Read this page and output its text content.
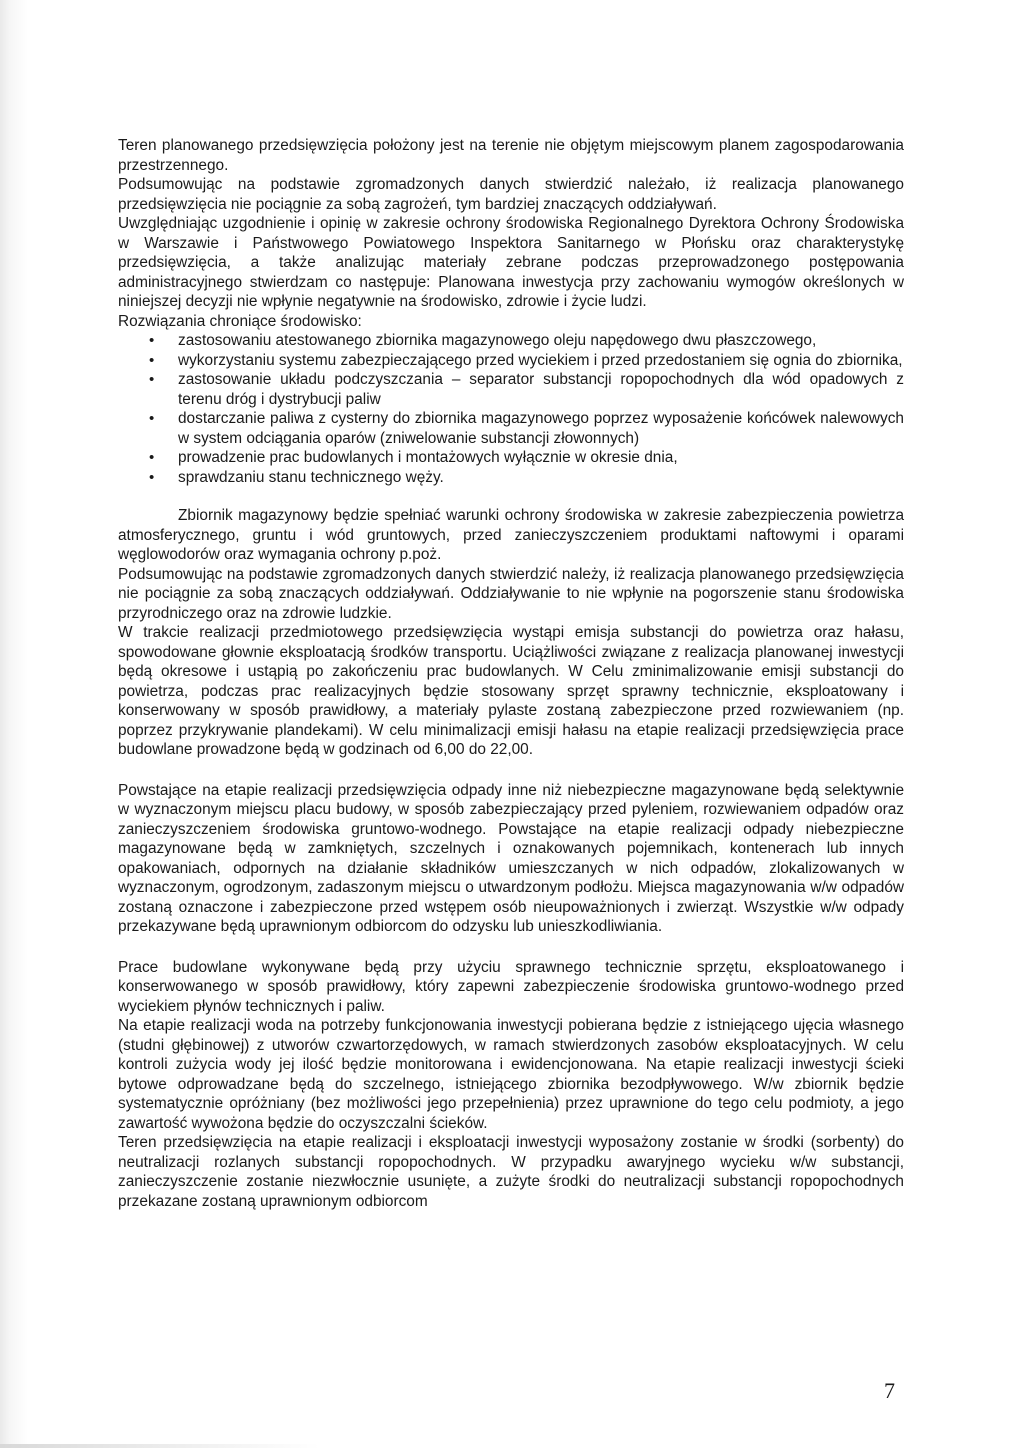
Teren planowanego przedsięwzięcia położony jest na terenie nie objętym miejscowym planem zagospodarowania przestrzennego.

Podsumowując na podstawie zgromadzonych danych stwierdzić należało, iż realizacja planowanego przedsięwzięcia nie pociągnie za sobą zagrożeń, tym bardziej znaczących oddziaływań.

Uwzględniając uzgodnienie i opinię w zakresie ochrony środowiska Regionalnego Dyrektora Ochrony Środowiska w Warszawie i Państwowego Powiatowego Inspektora Sanitarnego w Płońsku oraz charakterystykę przedsięwzięcia, a także analizując materiały zebrane podczas przeprowadzonego postępowania administracyjnego stwierdzam co następuje: Planowana inwestycja przy zachowaniu wymogów określonych w niniejszej decyzji nie wpłynie negatywnie na środowisko, zdrowie i życie ludzi.

Rozwiązania chroniące środowisko:

• zastosowaniu atestowanego zbiornika magazynowego oleju napędowego dwu płaszczowego,
• wykorzystaniu systemu zabezpieczającego przed wyciekiem i przed przedostaniem się ognia do zbiornika,
• zastosowanie układu podczyszczania – separator substancji ropopochodnych dla wód opadowych z terenu dróg i dystrybucji paliw
• dostarczanie paliwa z cysterny do zbiornika magazynowego poprzez wyposażenie końcówek nalewowych w system odciągania oparów (zniwelowanie substancji złowonnych)
• prowadzenie prac budowlanych i montażowych wyłącznie w okresie dnia,
• sprawdzaniu stanu technicznego węży.

Zbiornik magazynowy będzie spełniać warunki ochrony środowiska w zakresie zabezpieczenia powietrza atmosferycznego, gruntu i wód gruntowych, przed zanieczyszczeniem produktami naftowymi i oparami węglowodorów oraz wymagania ochrony p.poż.

Podsumowując na podstawie zgromadzonych danych stwierdzić należy, iż realizacja planowanego przedsięwzięcia nie pociągnie za sobą znaczących oddziaływań. Oddziaływanie to nie wpłynie na pogorszenie stanu środowiska przyrodniczego oraz na zdrowie ludzkie.

W trakcie realizacji przedmiotowego przedsięwzięcia wystąpi emisja substancji do powietrza oraz hałasu, spowodowane głownie eksploatacją środków transportu. Uciążliwości związane z realizacja planowanej inwestycji będą okresowe i ustąpią po zakończeniu prac budowlanych. W Celu zminimalizowanie emisji substancji do powietrza, podczas prac realizacyjnych będzie stosowany sprzęt sprawny technicznie, eksploatowany i konserwowany w sposób prawidłowy, a materiały pylaste zostaną zabezpieczone przed rozwiewaniem (np. poprzez przykrywanie plandekami). W celu minimalizacji emisji hałasu na etapie realizacji przedsięwzięcia prace budowlane prowadzone będą w godzinach od 6,00 do 22,00.

Powstające na etapie realizacji przedsięwzięcia odpady inne niż niebezpieczne magazynowane będą selektywnie w wyznaczonym miejscu placu budowy, w sposób zabezpieczający przed pyleniem, rozwiewaniem odpadów oraz zanieczyszczeniem środowiska gruntowo-wodnego. Powstające na etapie realizacji odpady niebezpieczne magazynowane będą w zamkniętych, szczelnych i oznakowanych pojemnikach, kontenerach lub innych opakowaniach, odpornych na działanie składników umieszczanych w nich odpadów, zlokalizowanych w wyznaczonym, ogrodzonym, zadaszonym miejscu o utwardzonym podłożu. Miejsca magazynowania w/w odpadów zostaną oznaczone i zabezpieczone przed wstępem osób nieupoważnionych i zwierząt. Wszystkie w/w odpady przekazywane będą uprawnionym odbiorcom do odzysku lub unieszkodliwiania.

Prace budowlane wykonywane będą przy użyciu sprawnego technicznie sprzętu, eksploatowanego i konserwowanego w sposób prawidłowy, który zapewni zabezpieczenie środowiska gruntowo-wodnego przed wyciekiem płynów technicznych i paliw.

Na etapie realizacji woda na potrzeby funkcjonowania inwestycji pobierana będzie z istniejącego ujęcia własnego (studni głębinowej) z utworów czwartorzędowych, w ramach stwierdzonych zasobów eksploatacyjnych. W celu kontroli zużycia wody jej ilość będzie monitorowana i ewidencjonowana. Na etapie realizacji inwestycji ścieki bytowe odprowadzane będą do szczelnego, istniejącego zbiornika bezodpływowego. W/w zbiornik będzie systematycznie opróżniany (bez możliwości jego przepełnienia) przez uprawnione do tego celu podmioty, a jego zawartość wywożona będzie do oczyszczalni ścieków.

Teren przedsięwzięcia na etapie realizacji i eksploatacji inwestycji wyposażony zostanie w środki (sorbenty) do neutralizacji rozlanych substancji ropopochodnych. W przypadku awaryjnego wycieku w/w substancji, zanieczyszczenie zostanie niezwłocznie usunięte, a zużyte środki do neutralizacji substancji ropopochodnych przekazane zostaną uprawnionym odbiorcom

7
